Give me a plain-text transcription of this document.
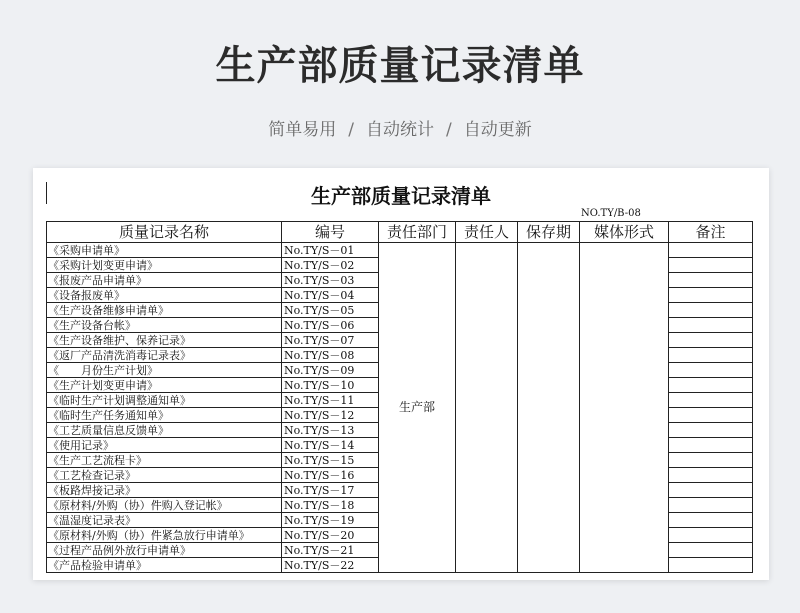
生产部质量记录清单
简单易用 / 自动统计 / 自动更新
生产部质量记录清单
NO.TY/B-08
质量记录名称	编号	责任部门	责任人	保存期	媒体形式	备注
《采购申请单》	No.TY/S－01	生产部				
《采购计划变更申请》	No.TY/S－02					
《报废产品申请单》	No.TY/S－03					
《设备报废单》	No.TY/S－04					
《生产设备维修申请单》	No.TY/S－05					
《生产设备台帐》	No.TY/S－06					
《生产设备维护、保养记录》	No.TY/S－07					
《返厂产品清洗消毒记录表》	No.TY/S－08					
《　　月份生产计划》	No.TY/S－09					
《生产计划变更申请》	No.TY/S－10					
《临时生产计划调整通知单》	No.TY/S－11					
《临时生产任务通知单》	No.TY/S－12					
《工艺质量信息反馈单》	No.TY/S－13					
《使用记录》	No.TY/S－14					
《生产工艺流程卡》	No.TY/S－15					
《工艺检查记录》	No.TY/S－16					
《板路焊接记录》	No.TY/S－17					
《原材料/外购（协）件购入登记帐》	No.TY/S－18					
《温湿度记录表》	No.TY/S－19					
《原材料/外购（协）件紧急放行申请单》	No.TY/S－20					
《过程产品例外放行申请单》	No.TY/S－21					
《产品检验申请单》	No.TY/S－22					
